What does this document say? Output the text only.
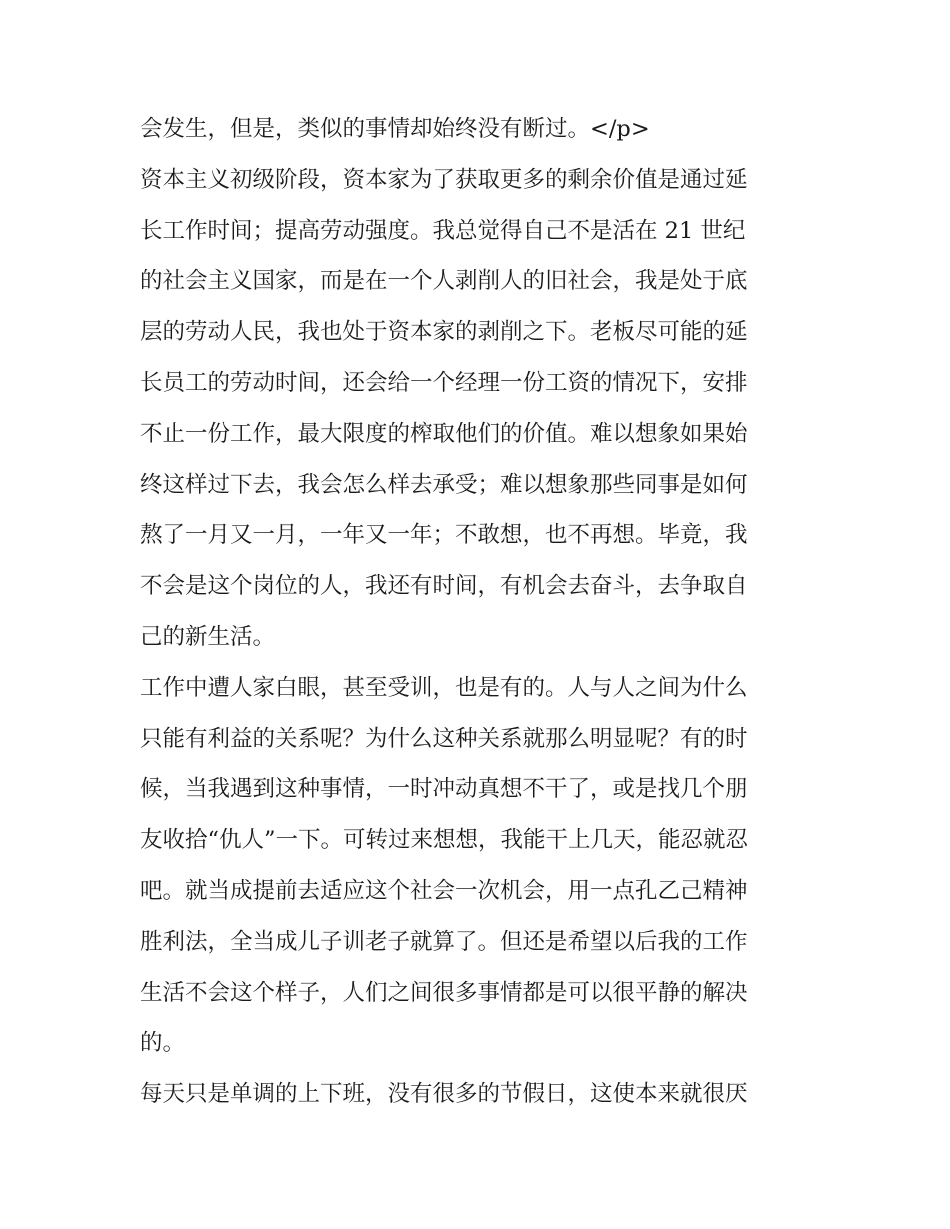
会发生，但是，类似的事情却始终没有断过。</p>
资本主义初级阶段，资本家为了获取更多的剩余价值是通过延
长工作时间；提高劳动强度。我总觉得自己不是活在 21 世纪
的社会主义国家，而是在一个人剥削人的旧社会，我是处于底
层的劳动人民，我也处于资本家的剥削之下。老板尽可能的延
长员工的劳动时间，还会给一个经理一份工资的情况下，安排
不止一份工作，最大限度的榨取他们的价值。难以想象如果始
终这样过下去，我会怎么样去承受；难以想象那些同事是如何
熬了一月又一月，一年又一年；不敢想，也不再想。毕竟，我
不会是这个岗位的人，我还有时间，有机会去奋斗，去争取自
己的新生活。
工作中遭人家白眼，甚至受训，也是有的。人与人之间为什么
只能有利益的关系呢？为什么这种关系就那么明显呢？有的时
候，当我遇到这种事情，一时冲动真想不干了，或是找几个朋
友收拾“仇人”一下。可转过来想想，我能干上几天，能忍就忍
吧。就当成提前去适应这个社会一次机会，用一点孔乙己精神
胜利法，全当成儿子训老子就算了。但还是希望以后我的工作
生活不会这个样子，人们之间很多事情都是可以很平静的解决
的。
每天只是单调的上下班，没有很多的节假日，这使本来就很厌
